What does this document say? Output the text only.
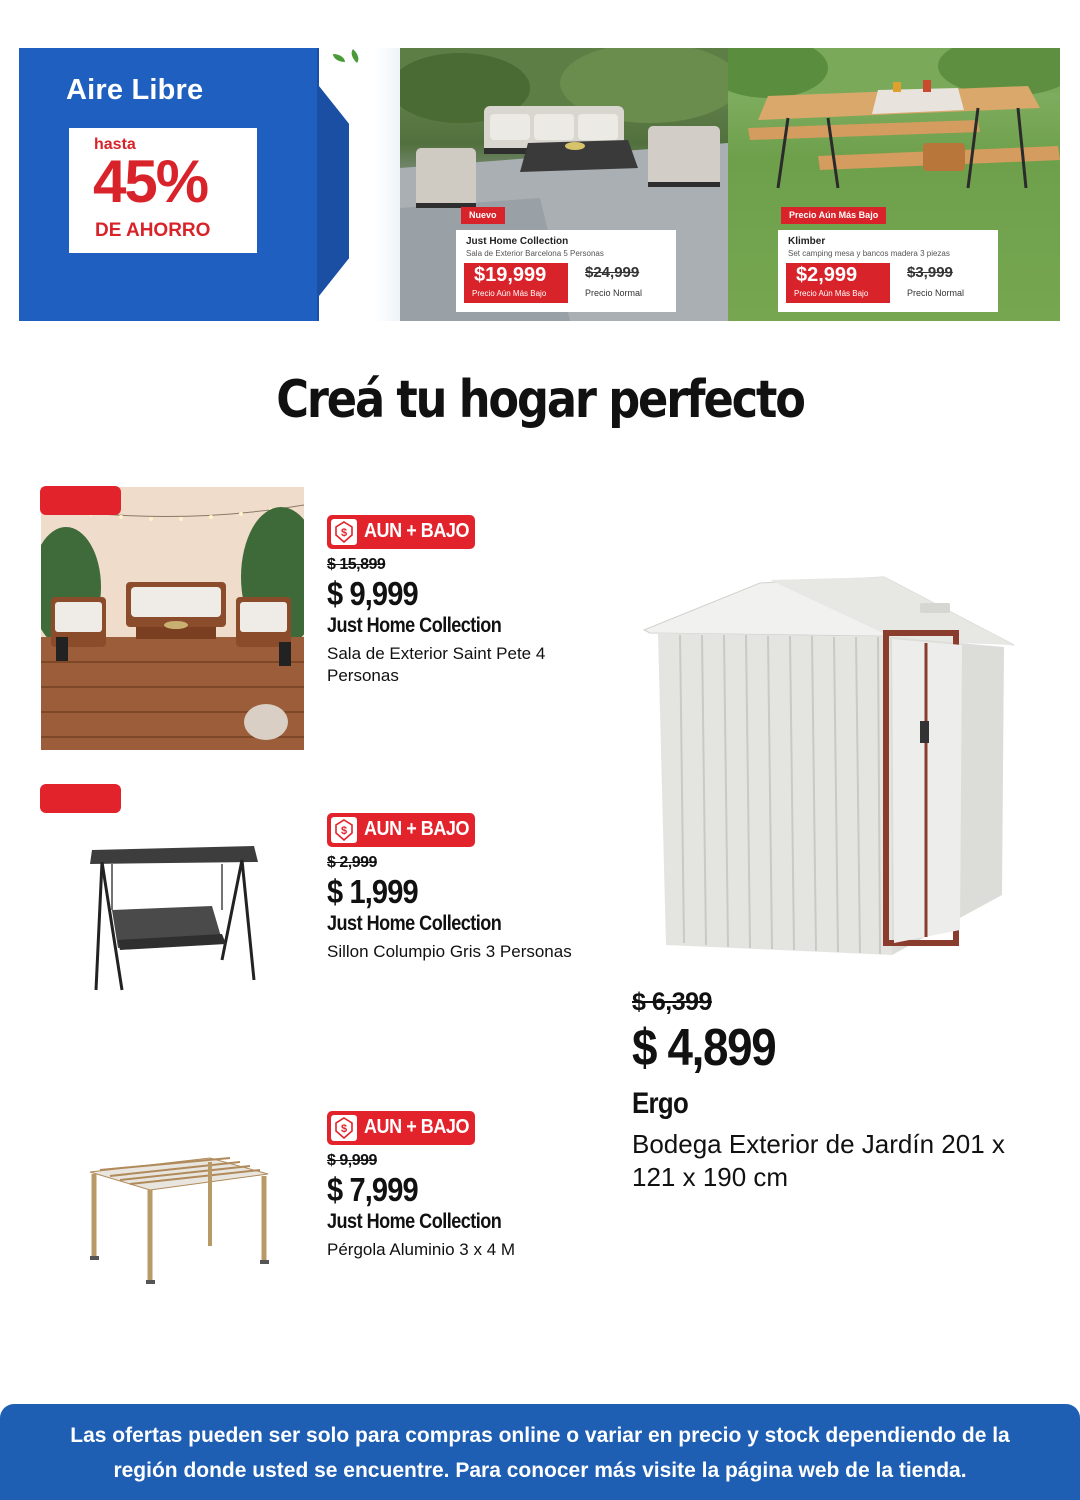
Aire Libre
hasta
45%
DE AHORRO
Nuevo
Just Home Collection
Sala de Exterior Barcelona 5 Personas
$19,999
Precio Aún Más Bajo
$24,999
Precio Normal
Precio Aún Más Bajo
Klimber
Set camping mesa y bancos madera 3 piezas
$2,999
Precio Aún Más Bajo
$3,999
Precio Normal
Creá tu hogar perfecto
$ AUN + BAJO
$ 15,899
$ 9,999
Just Home Collection
Sala de Exterior Saint Pete 4 Personas
$ AUN + BAJO
$ 2,999
$ 1,999
Just Home Collection
Sillon Columpio Gris 3 Personas
$ AUN + BAJO
$ 9,999
$ 7,999
Just Home Collection
Pérgola Aluminio 3 x 4 M
$ 6,399
$ 4,899
Ergo
Bodega Exterior de Jardín 201 x 121 x 190 cm
Las ofertas pueden ser solo para compras online o variar en precio y stock dependiendo de la
región donde usted se encuentre. Para conocer más visite la página web de la tienda.
